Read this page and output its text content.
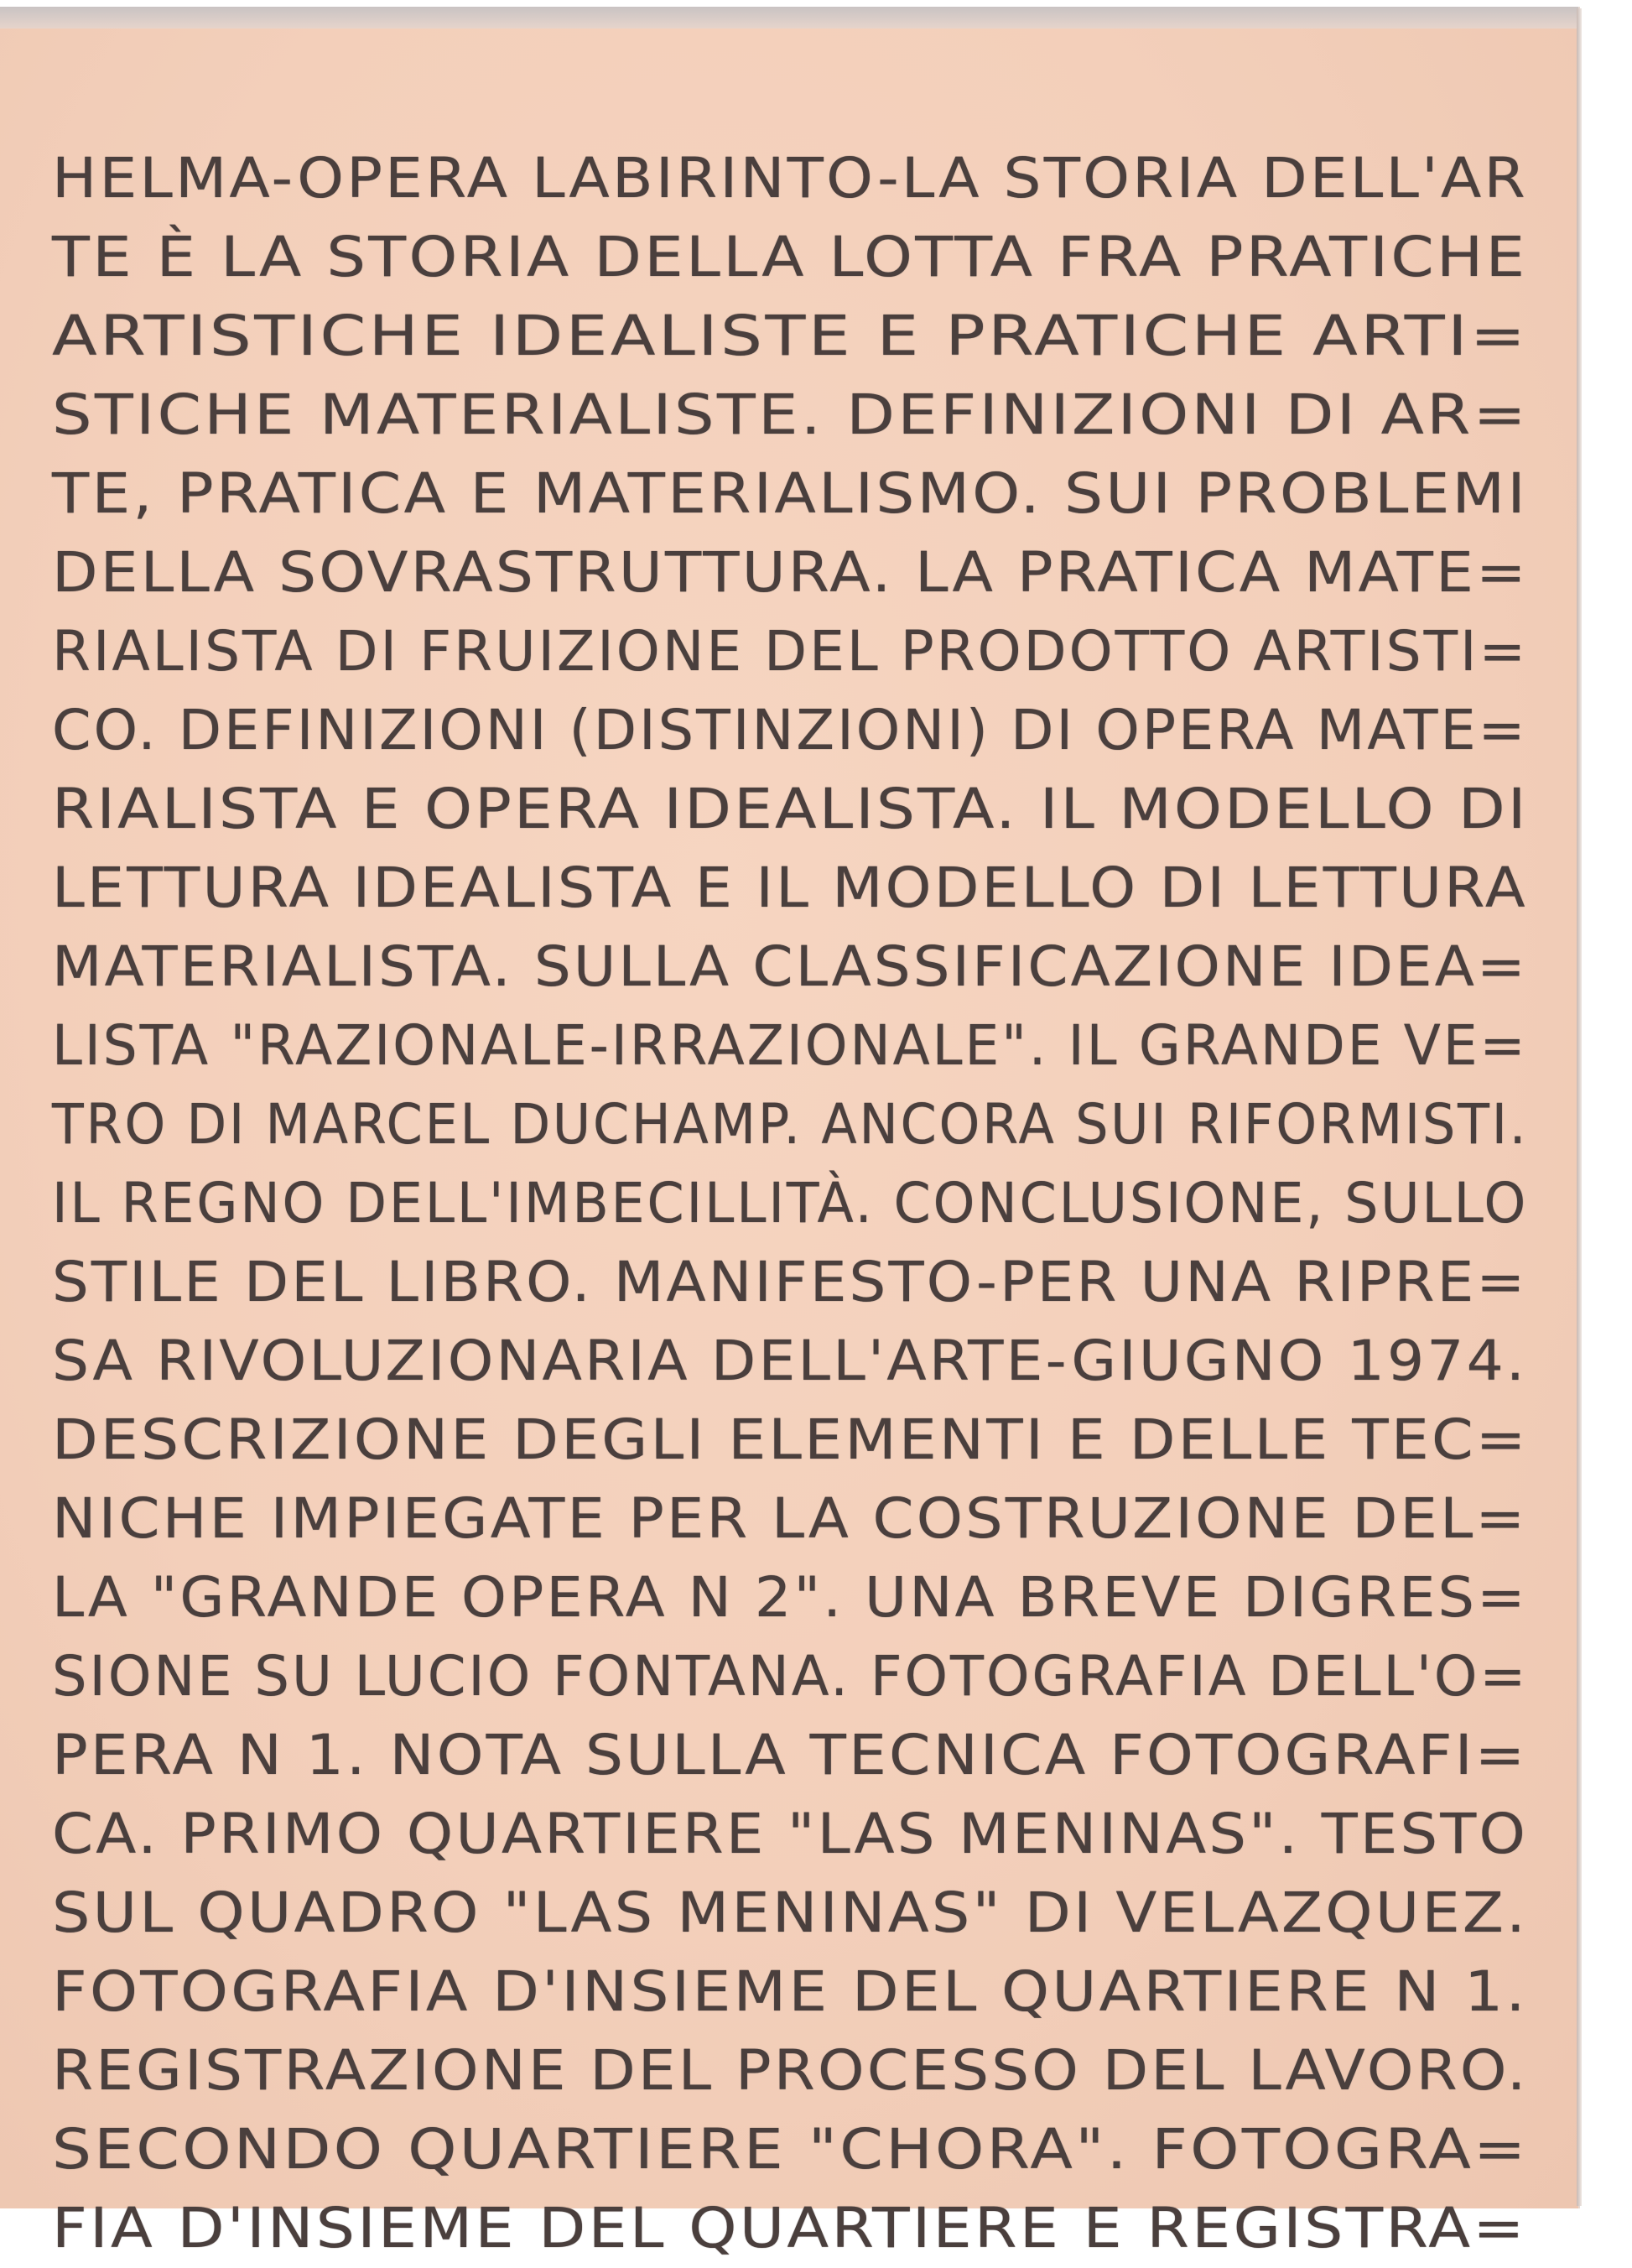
HELMA-OPERA LABIRINTO-LA STORIA DELL'AR
TE È LA STORIA DELLA LOTTA FRA PRATICHE
ARTISTICHE IDEALISTE E PRATICHE ARTI=
STICHE MATERIALISTE. DEFINIZIONI DI AR=
TE, PRATICA E MATERIALISMO. SUI PROBLEMI
DELLA SOVRASTRUTTURA. LA PRATICA MATE=
RIALISTA DI FRUIZIONE DEL PRODOTTO ARTISTI=
CO. DEFINIZIONI (DISTINZIONI) DI OPERA MATE=
RIALISTA E OPERA IDEALISTA. IL MODELLO DI
LETTURA IDEALISTA E IL MODELLO DI LETTURA
MATERIALISTA. SULLA CLASSIFICAZIONE IDEA=
LISTA "RAZIONALE-IRRAZIONALE". IL GRANDE VE=
TRO DI MARCEL DUCHAMP. ANCORA SUI RIFORMISTI.
IL REGNO DELL'IMBECILLITÀ. CONCLUSIONE, SULLO
STILE DEL LIBRO. MANIFESTO-PER UNA RIPRE=
SA RIVOLUZIONARIA DELL'ARTE-GIUGNO 1974.
DESCRIZIONE DEGLI ELEMENTI E DELLE TEC=
NICHE IMPIEGATE PER LA COSTRUZIONE DEL=
LA "GRANDE OPERA N 2". UNA BREVE DIGRES=
SIONE SU LUCIO FONTANA. FOTOGRAFIA DELL'O=
PERA N 1. NOTA SULLA TECNICA FOTOGRAFI=
CA. PRIMO QUARTIERE "LAS MENINAS". TESTO
SUL QUADRO "LAS MENINAS" DI VELAZQUEZ.
FOTOGRAFIA D'INSIEME DEL QUARTIERE N 1.
REGISTRAZIONE DEL PROCESSO DEL LAVORO.
SECONDO QUARTIERE "CHORA". FOTOGRA=
FIA D'INSIEME DEL QUARTIERE E REGISTRA=
